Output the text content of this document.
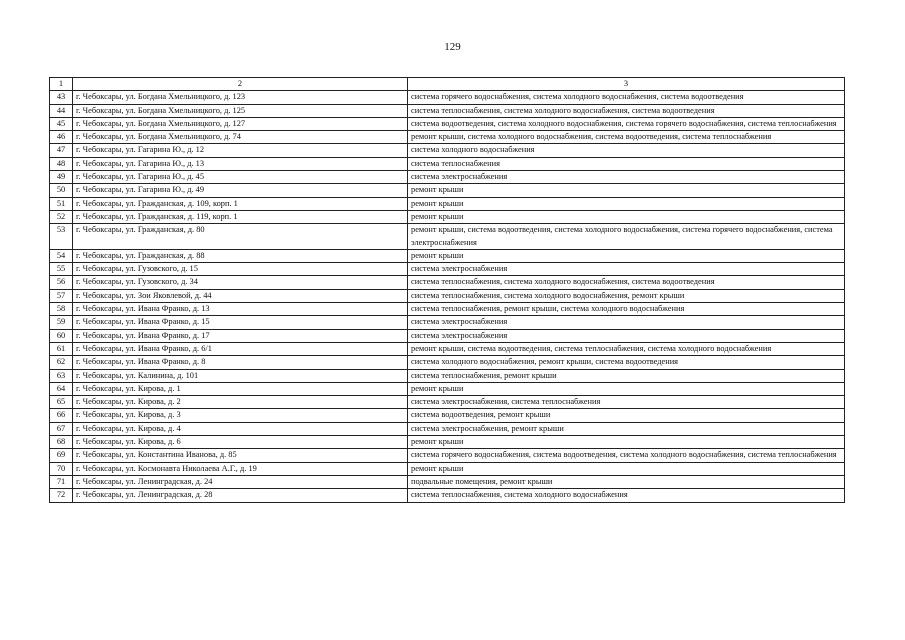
129
1	2	3
43	г. Чебоксары, ул. Богдана Хмельницкого, д. 123	система горячего водоснабжения, система холодного водоснабжения, система водоотведения
44	г. Чебоксары, ул. Богдана Хмельницкого, д. 125	система теплоснабжения, система холодного водоснабжения, система водоотведения
45	г. Чебоксары, ул. Богдана Хмельницкого, д. 127	система водоотведения, система холодного водоснабжения, система горячего водоснабжения, система теплоснабжения
46	г. Чебоксары, ул. Богдана Хмельницкого, д. 74	ремонт крыши, система холодного водоснабжения, система водоотведения, система теплоснабжения
47	г. Чебоксары, ул. Гагарина Ю., д. 12	система холодного водоснабжения
48	г. Чебоксары, ул. Гагарина Ю., д. 13	система теплоснабжения
49	г. Чебоксары, ул. Гагарина Ю., д. 45	система электроснабжения
50	г. Чебоксары, ул. Гагарина Ю., д. 49	ремонт крыши
51	г. Чебоксары, ул. Гражданская, д. 109, корп. 1	ремонт крыши
52	г. Чебоксары, ул. Гражданская, д. 119, корп. 1	ремонт крыши
53	г. Чебоксары, ул. Гражданская, д. 80	ремонт крыши, система водоотведения, система холодного водоснабжения, система горячего водоснабжения, система электроснабжения
54	г. Чебоксары, ул. Гражданская, д. 88	ремонт крыши
55	г. Чебоксары, ул. Гузовского, д. 15	система электроснабжения
56	г. Чебоксары, ул. Гузовского, д. 34	система теплоснабжения, система холодного водоснабжения, система водоотведения
57	г. Чебоксары, ул. Зои Яковлевой, д. 44	система теплоснабжения, система холодного водоснабжения, ремонт крыши
58	г. Чебоксары, ул. Ивана Франко, д. 13	система теплоснабжения, ремонт крыши, система холодного водоснабжения
59	г. Чебоксары, ул. Ивана Франко, д. 15	система электроснабжения
60	г. Чебоксары, ул. Ивана Франко, д. 17	система электроснабжения
61	г. Чебоксары, ул. Ивана Франко, д. 6/1	ремонт крыши, система водоотведения, система теплоснабжения, система холодного водоснабжения
62	г. Чебоксары, ул. Ивана Франко, д. 8	система холодного водоснабжения, ремонт крыши, система водоотведения
63	г. Чебоксары, ул. Калинина, д. 101	система теплоснабжения, ремонт крыши
64	г. Чебоксары, ул. Кирова, д. 1	ремонт крыши
65	г. Чебоксары, ул. Кирова, д. 2	система электроснабжения, система теплоснабжения
66	г. Чебоксары, ул. Кирова, д. 3	система водоотведения, ремонт крыши
67	г. Чебоксары, ул. Кирова, д. 4	система электроснабжения, ремонт крыши
68	г. Чебоксары, ул. Кирова, д. 6	ремонт крыши
69	г. Чебоксары, ул. Константина Иванова, д. 85	система горячего водоснабжения, система водоотведения, система холодного водоснабжения, система теплоснабжения
70	г. Чебоксары, ул. Космонавта Николаева А.Г., д. 19	ремонт крыши
71	г. Чебоксары, ул. Ленинградская, д. 24	подвальные помещения, ремонт крыши
72	г. Чебоксары, ул. Ленинградская, д. 28	система теплоснабжения, система холодного водоснабжения
